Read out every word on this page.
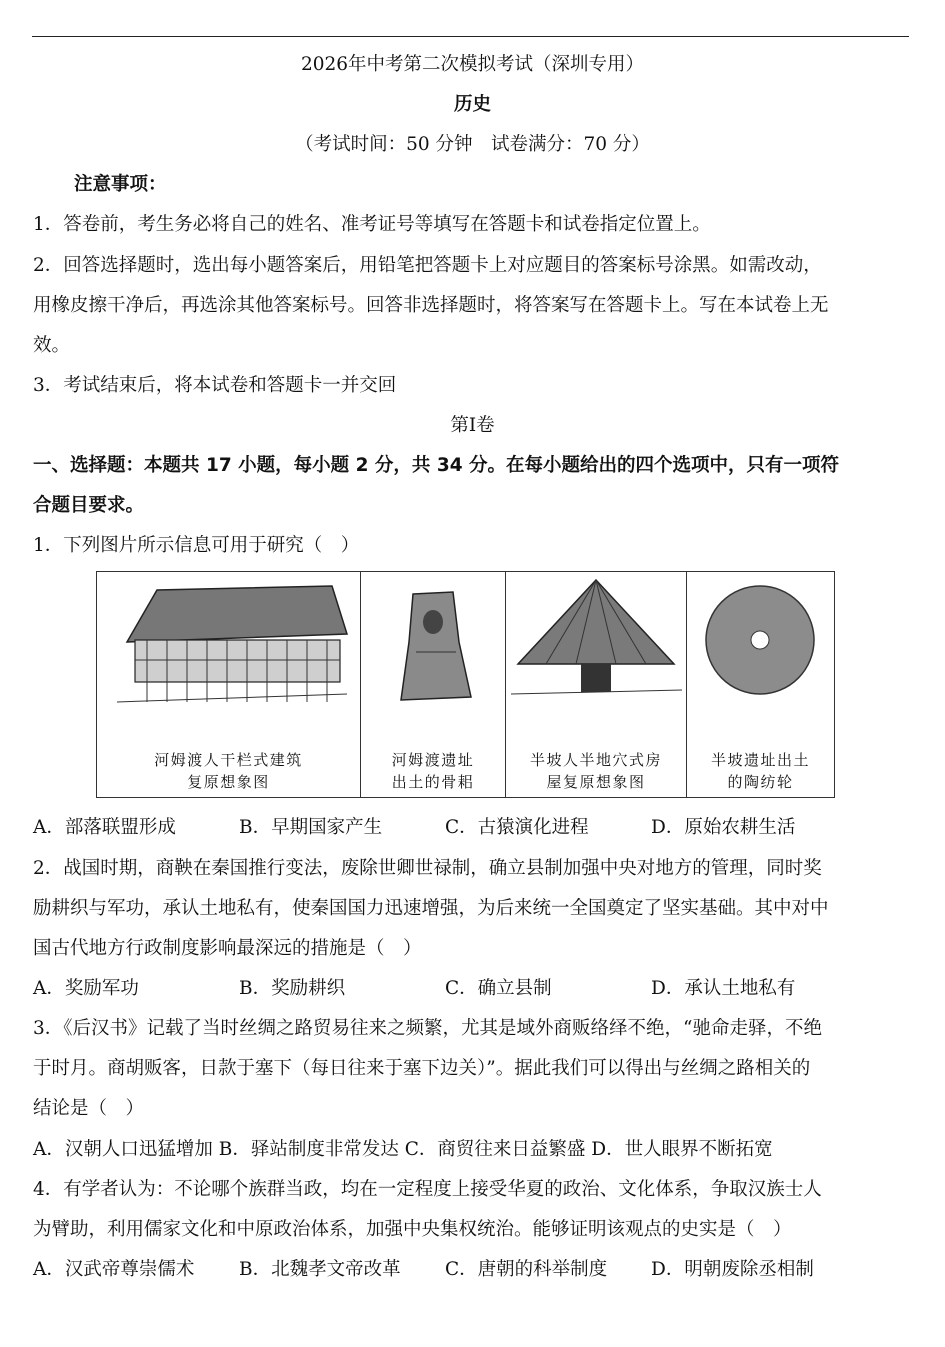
2026年中考第二次模拟考试（深圳专用）
历史
（考试时间：50 分钟　试卷满分：70 分）
注意事项：
1．答卷前，考生务必将自己的姓名、准考证号等填写在答题卡和试卷指定位置上。
2．回答选择题时，选出每小题答案后，用铅笔把答题卡上对应题目的答案标号涂黑。如需改动，
用橡皮擦干净后，再选涂其他答案标号。回答非选择题时，将答案写在答题卡上。写在本试卷上无
效。
3．考试结束后，将本试卷和答题卡一并交回
第Ⅰ卷
一、选择题：本题共 17 小题，每小题 2 分，共 34 分。在每小题给出的四个选项中，只有一项符
合题目要求。
1．下列图片所示信息可用于研究（　）
河姆渡人干栏式建筑
复原想象图
河姆渡遗址
出土的骨耜
半坡人半地穴式房
屋复原想象图
半坡遗址出土
的陶纺轮
A．部落联盟形成	B．早期国家产生	C．古猿演化进程	D．原始农耕生活
2．战国时期，商鞅在秦国推行变法，废除世卿世禄制，确立县制加强中央对地方的管理，同时奖
励耕织与军功，承认土地私有，使秦国国力迅速增强，为后来统一全国奠定了坚实基础。其中对中
国古代地方行政制度影响最深远的措施是（　）
A．奖励军功	B．奖励耕织	C．确立县制	D．承认土地私有
3．《后汉书》记载了当时丝绸之路贸易往来之频繁，尤其是域外商贩络绎不绝，“驰命走驿，不绝
于时月。商胡贩客，日款于塞下（每日往来于塞下边关）”。据此我们可以得出与丝绸之路相关的
结论是（　）
A．汉朝人口迅猛增加 B．驿站制度非常发达 C．商贸往来日益繁盛 D．世人眼界不断拓宽
4．有学者认为：不论哪个族群当政，均在一定程度上接受华夏的政治、文化体系，争取汉族士人
为臂助，利用儒家文化和中原政治体系，加强中央集权统治。能够证明该观点的史实是（　）
A．汉武帝尊崇儒术 B．北魏孝文帝改革 C．唐朝的科举制度 D．明朝废除丞相制
